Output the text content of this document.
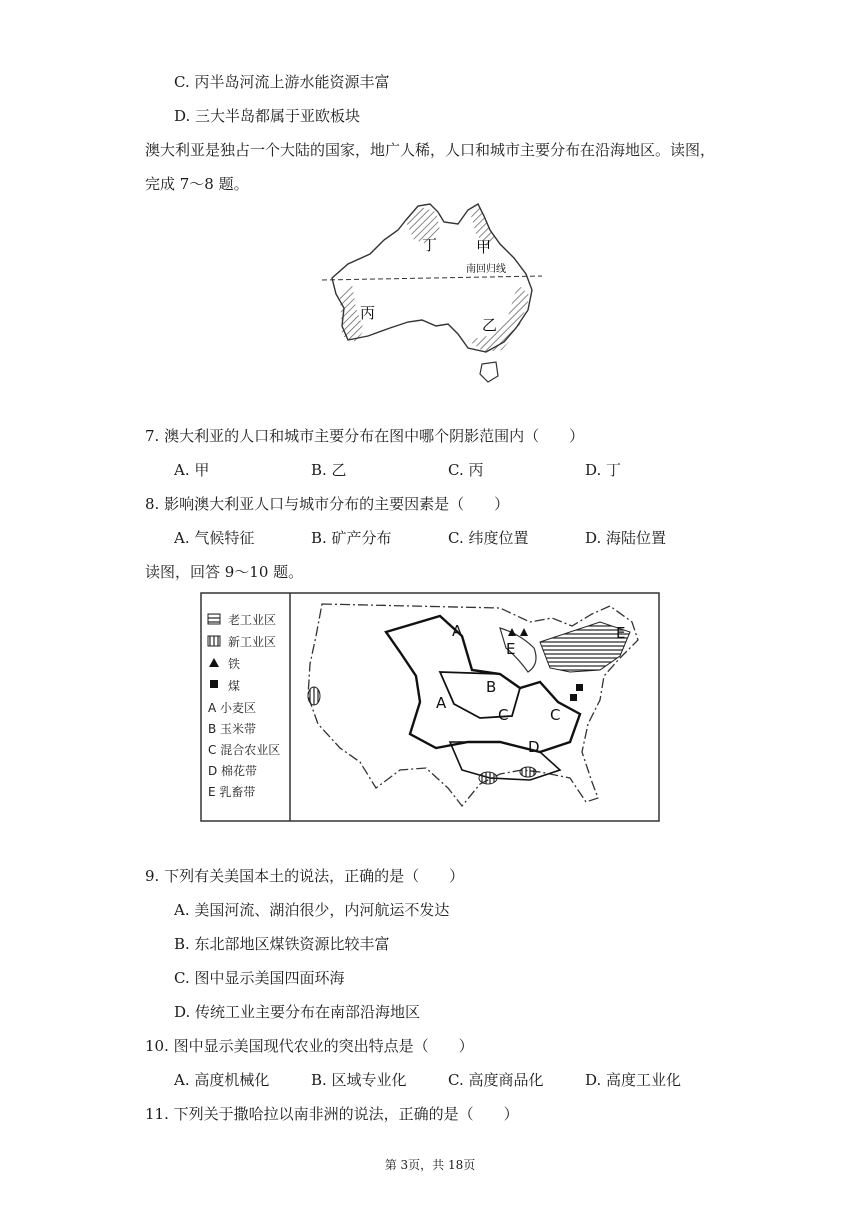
C. 丙半岛河流上游水能资源丰富
D. 三大半岛都属于亚欧板块
澳大利亚是独占一个大陆的国家，地广人稀，人口和城市主要分布在沿海地区。读图，
完成 7～8 题。
丁	甲
丙
乙
南回归线
7. 澳大利亚的人口和城市主要分布在图中哪个阴影范围内（　　）
A. 甲	B. 乙	C. 丙	D. 丁
8. 影响澳大利亚人口与城市分布的主要因素是（　　）
A. 气候特征	B. 矿产分布	C. 纬度位置	D. 海陆位置
读图，回答 9～10 题。
老工业区
新工业区
铁
煤
A 小麦区
B 玉米带
C 混合农业区
D 棉花带
E 乳畜带
A
A
B
C	C
D
E
E
9. 下列有关美国本土的说法，正确的是（　　）
A. 美国河流、湖泊很少，内河航运不发达
B. 东北部地区煤铁资源比较丰富
C. 图中显示美国四面环海
D. 传统工业主要分布在南部沿海地区
10. 图中显示美国现代农业的突出特点是（　　）
A. 高度机械化	B. 区域专业化	C. 高度商品化	D. 高度工业化
11. 下列关于撒哈拉以南非洲的说法，正确的是（　　）
第 3页，共 18页
